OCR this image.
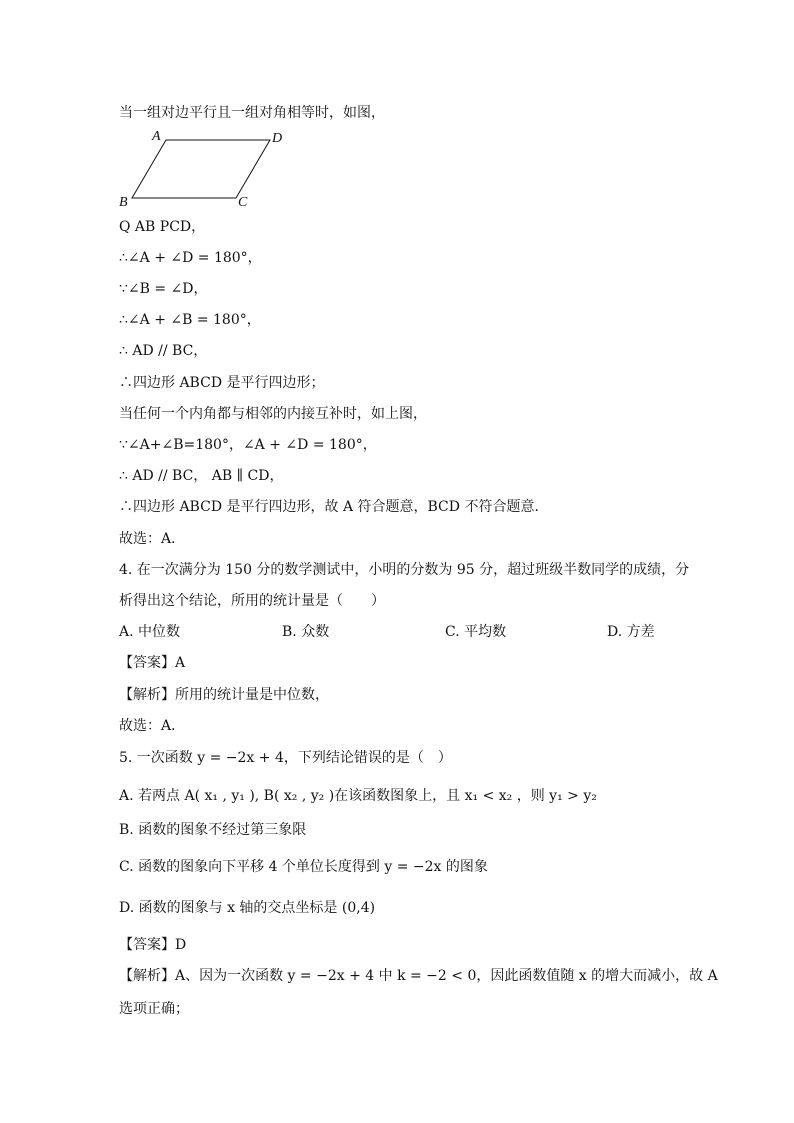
当一组对边平行且一组对角相等时，如图，
A	D
B	C
Q AB PCD，
∴∠A + ∠D = 180°，
∵∠B = ∠D，
∴∠A + ∠B = 180°，
∴ AD // BC，
∴四边形 ABCD 是平行四边形；
当任何一个内角都与相邻的内接互补时，如上图，
∵∠A+∠B=180°，∠A + ∠D = 180°，
∴ AD // BC， AB ∥ CD，
∴四边形 ABCD 是平行四边形，故 A 符合题意，BCD 不符合题意．
故选：A．
4. 在一次满分为 150 分的数学测试中，小明的分数为 95 分，超过班级半数同学的成绩，分
析得出这个结论，所用的统计量是（　　）
A. 中位数	B. 众数	C. 平均数	D. 方差
【答案】A
【解析】所用的统计量是中位数，
故选：A．
5. 一次函数 y = −2x + 4，下列结论错误的是（　）
A. 若两点 A( x₁ , y₁ ), B( x₂ , y₂ )在该函数图象上，且 x₁ < x₂ ，则 y₁ > y₂
B. 函数的图象不经过第三象限
C. 函数的图象向下平移 4 个单位长度得到 y = −2x 的图象
D. 函数的图象与 x 轴的交点坐标是 (0,4)
【答案】D
【解析】A、因为一次函数 y = −2x + 4 中 k = −2 < 0，因此函数值随 x 的增大而减小，故 A
选项正确；
